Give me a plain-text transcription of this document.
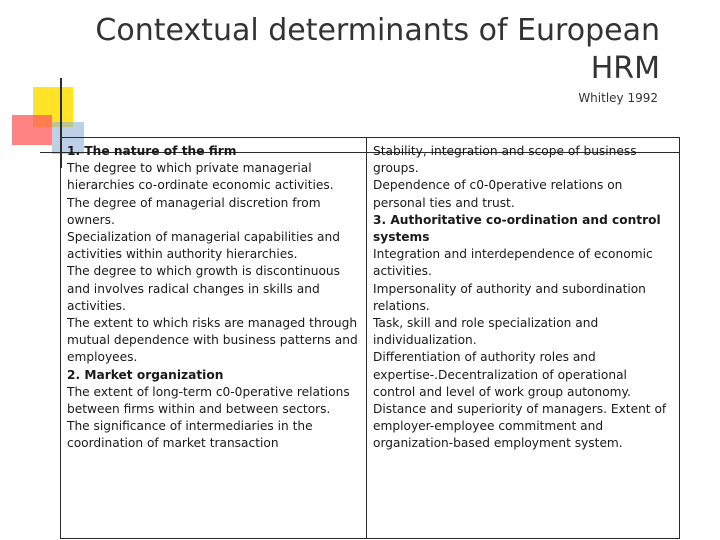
Contextual determinants of European HRM
Whitley 1992
1. The nature of the firm
The degree to which private managerial hierarchies co-ordinate economic activities.
The degree of managerial discretion from owners.
Specialization of managerial capabilities and activities within authority hierarchies.
The degree to which growth is discontinuous and involves radical changes in skills and activities.
The extent to which risks are managed through mutual dependence with business patterns and employees.
2. Market organization
The extent of long-term c0-0perative relations between firms within and between sectors.
The significance of intermediaries in the coordination of market transaction
Stability, integration and scope of business groups.
Dependence of c0-0perative relations on personal ties and trust.
3. Authoritative co-ordination and control systems
Integration and interdependence of economic activities.
Impersonality of authority and subordination relations.
Task, skill and role specialization and individualization.
Differentiation of authority roles and expertise-.Decentralization of operational control and level of work group autonomy.
Distance and superiority of managers. Extent of employer-employee commitment and organization-based employment system.
